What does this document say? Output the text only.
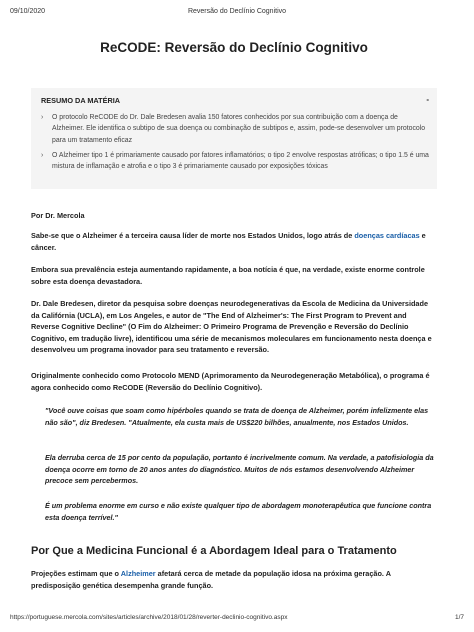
09/10/2020	Reversão do Declínio Cognitivo
ReCODE: Reversão do Declínio Cognitivo
RESUMO DA MATÉRIA	-
› O protocolo ReCODE do Dr. Dale Bredesen avalia 150 fatores conhecidos por sua contribuição com a doença de Alzheimer. Ele identifica o subtipo de sua doença ou combinação de subtipos e, assim, pode-se desenvolver um protocolo para um tratamento eficaz
› O Alzheimer tipo 1 é primariamente causado por fatores inflamatórios; o tipo 2 envolve respostas atróficas; o tipo 1.5 é uma mistura de inflamação e atrofia e o tipo 3 é primariamente causado por exposições tóxicas

Por Dr. Mercola

Sabe-se que o Alzheimer é a terceira causa líder de morte nos Estados Unidos, logo atrás de doenças cardíacas e câncer.

Embora sua prevalência esteja aumentando rapidamente, a boa notícia é que, na verdade, existe enorme controle sobre esta doença devastadora.

Dr. Dale Bredesen, diretor da pesquisa sobre doenças neurodegenerativas da Escola de Medicina da Universidade da Califórnia (UCLA), em Los Angeles, e autor de "The End of Alzheimer's: The First Program to Prevent and Reverse Cognitive Decline" (O Fim do Alzheimer: O Primeiro Programa de Prevenção e Reversão do Declínio Cognitivo, em tradução livre), identificou uma série de mecanismos moleculares em funcionamento nesta doença e desenvolveu um programa inovador para seu tratamento e reversão.

Originalmente conhecido como Protocolo MEND (Aprimoramento da Neurodegeneração Metabólica), o programa é agora conhecido como ReCODE (Reversão do Declínio Cognitivo).

"Você ouve coisas que soam como hipérboles quando se trata de doença de Alzheimer, porém infelizmente elas não são", diz Bredesen. "Atualmente, ela custa mais de US$220 bilhões, anualmente, nos Estados Unidos.

Ela derruba cerca de 15 por cento da população, portanto é incrivelmente comum. Na verdade, a patofisiologia da doença ocorre em torno de 20 anos antes do diagnóstico. Muitos de nós estamos desenvolvendo Alzheimer precoce sem percebermos.

É um problema enorme em curso e não existe qualquer tipo de abordagem monoterapêutica que funcione contra esta doença terrível."

Por Que a Medicina Funcional é a Abordagem Ideal para o Tratamento

Projeções estimam que o Alzheimer afetará cerca de metade da população idosa na próxima geração. A predisposição genética desempenha grande função.

https://portuguese.mercola.com/sites/articles/archive/2018/01/28/reverter-declinio-cognitivo.aspx	1/7
